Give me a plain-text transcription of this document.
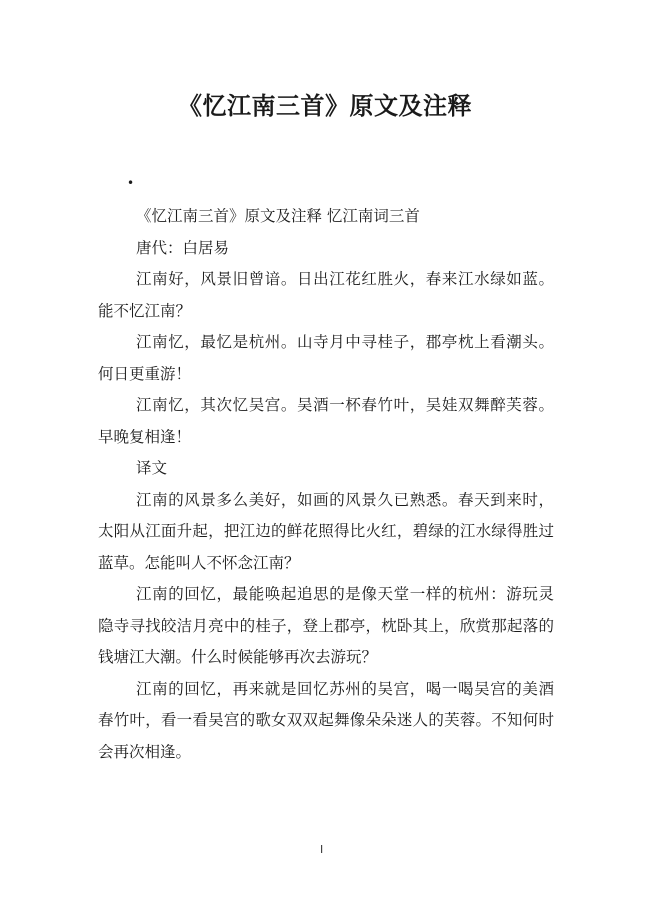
《忆江南三首》原文及注释
•

《忆江南三首》原文及注释 忆江南词三首

唐代：白居易

江南好，风景旧曾谙。日出江花红胜火，春来江水绿如蓝。能不忆江南？

江南忆，最忆是杭州。山寺月中寻桂子，郡亭枕上看潮头。何日更重游！

江南忆，其次忆吴宫。吴酒一杯春竹叶，吴娃双舞醉芙蓉。早晚复相逢！

译文

江南的风景多么美好，如画的风景久已熟悉。春天到来时，太阳从江面升起，把江边的鲜花照得比火红，碧绿的江水绿得胜过蓝草。怎能叫人不怀念江南？

江南的回忆，最能唤起追思的是像天堂一样的杭州：游玩灵隐寺寻找皎洁月亮中的桂子，登上郡亭，枕卧其上，欣赏那起落的钱塘江大潮。什么时候能够再次去游玩？

江南的回忆，再来就是回忆苏州的吴宫，喝一喝吴宫的美酒春竹叶，看一看吴宫的歌女双双起舞像朵朵迷人的芙蓉。不知何时会再次相逢。

I
